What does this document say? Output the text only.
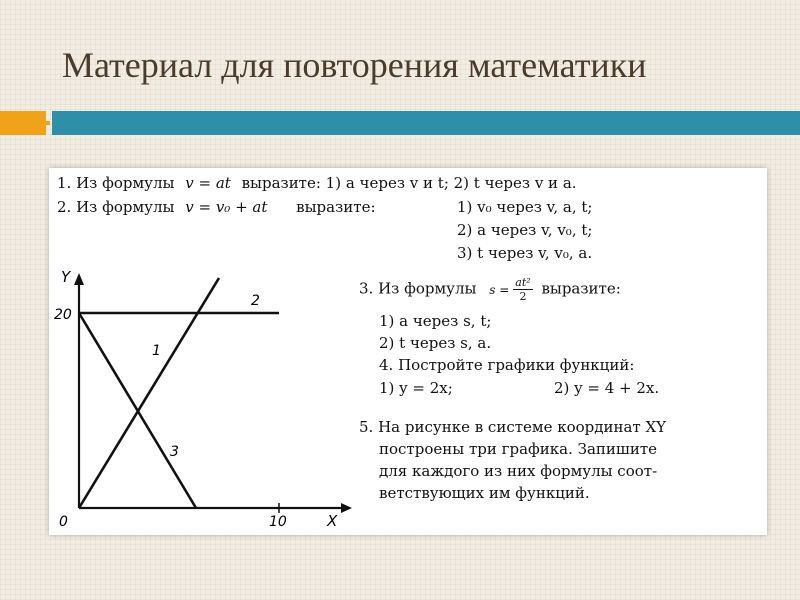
Материал для повторения математики
1. Из формулы v = at выразите: 1) a через v и t; 2) t через v и a.
2. Из формулы v = v₀ + at выразите:	1) v₀ через v, a, t;
2) a через v, v₀, t;
3) t через v, v₀, a.
3. Из формулы $s = \frac{\text{at²}}{2}$ выразите:
1) a через s, t;
2) t через s, a.
4. Постройте графики функций:
1) y = 2x;	2) y = 4 + 2x.
5. На рисунке в системе координат XY
построены три графика. Запишите
для каждого из них формулы соот-
ветствующих им функций.
Y
20
0	10	X
1
2
3
